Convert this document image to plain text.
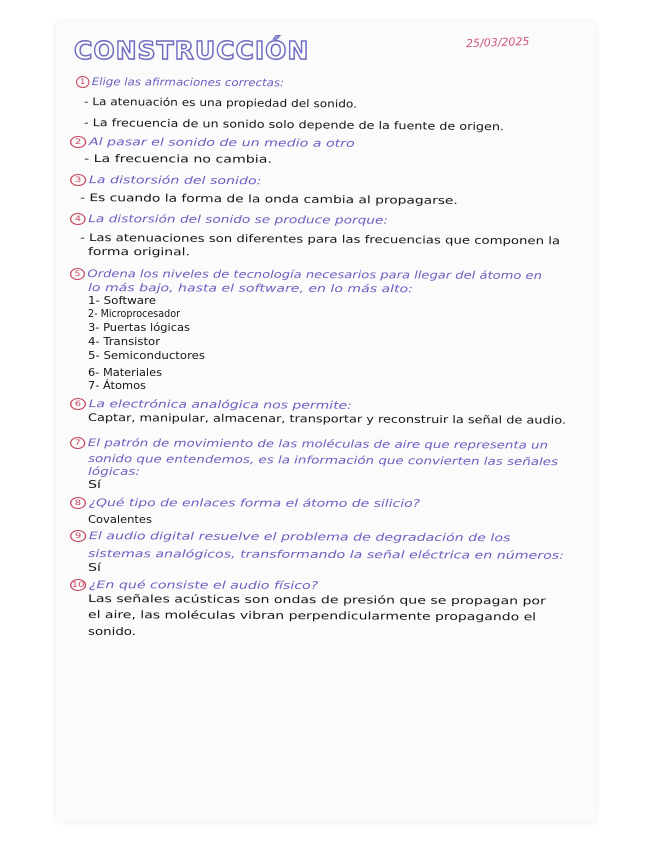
CONSTRUCCIÓN	25/03/2025
1 Elige las afirmaciones correctas:
- La atenuación es una propiedad del sonido.
- La frecuencia de un sonido solo depende de la fuente de origen.
2 Al pasar el sonido de un medio a otro
- La frecuencia no cambia.
3 La distorsión del sonido:
- Es cuando la forma de la onda cambia al propagarse.
4 La distorsión del sonido se produce porque:
- Las atenuaciones son diferentes para las frecuencias que componen la
forma original.
5 Ordena los niveles de tecnología necesarios para llegar del átomo en
lo más bajo, hasta el software, en lo más alto:
1- Software
2- Microprocesador
3- Puertas lógicas
4- Transistor
5- Semiconductores
6- Materiales
7- Átomos
6 La electrónica analógica nos permite:
Captar, manipular, almacenar, transportar y reconstruir la señal de audio.
7 El patrón de movimiento de las moléculas de aire que representa un
sonido que entendemos, es la información que convierten las señales
lógicas:
Sí
8 ¿Qué tipo de enlaces forma el átomo de silicio?
Covalentes
9 El audio digital resuelve el problema de degradación de los
sistemas analógicos, transformando la señal eléctrica en números:
Sí
10 ¿En qué consiste el audio físico?
Las señales acústicas son ondas de presión que se propagan por
el aire, las moléculas vibran perpendicularmente propagando el
sonido.
